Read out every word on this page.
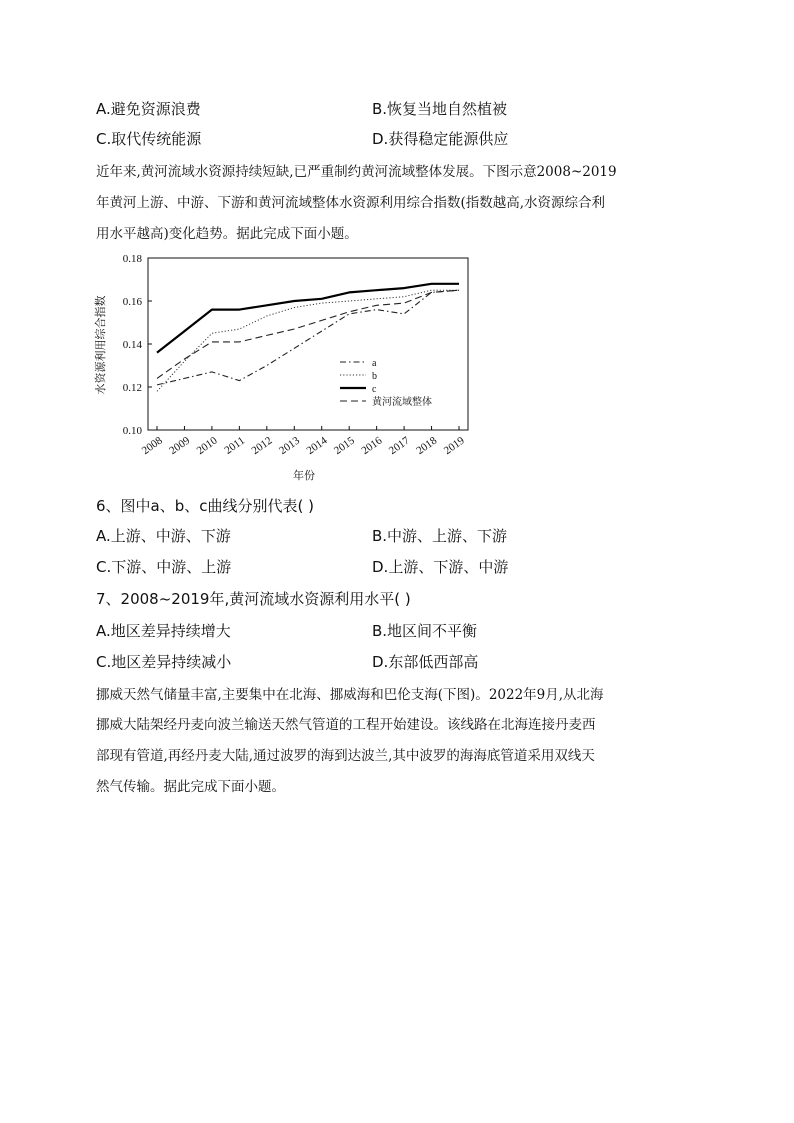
A.避免资源浪费	B.恢复当地自然植被
C.取代传统能源	D.获得稳定能源供应
近年来,黄河流域水资源持续短缺,已严重制约黄河流域整体发展。下图示意2008~2019
年黄河上游、中游、下游和黄河流域整体水资源利用综合指数(指数越高,水资源综合利
用水平越高)变化趋势。据此完成下面小题。
0.10
0.12
0.14
0.16
0.18
2008 2009 2010 2011 2012 2013 2014 2015 2016 2017 2018 2019
a
b
c
黄河流域整体
水资源利用综合指数
年份
6、图中a、b、c曲线分别代表( )
A.上游、中游、下游	B.中游、上游、下游
C.下游、中游、上游	D.上游、下游、中游
7、2008~2019年,黄河流域水资源利用水平( )
A.地区差异持续增大	B.地区间不平衡
C.地区差异持续减小	D.东部低西部高
挪威天然气储量丰富,主要集中在北海、挪威海和巴伦支海(下图)。2022年9月,从北海
挪威大陆架经丹麦向波兰输送天然气管道的工程开始建设。该线路在北海连接丹麦西
部现有管道,再经丹麦大陆,通过波罗的海到达波兰,其中波罗的海海底管道采用双线天
然气传输。据此完成下面小题。
